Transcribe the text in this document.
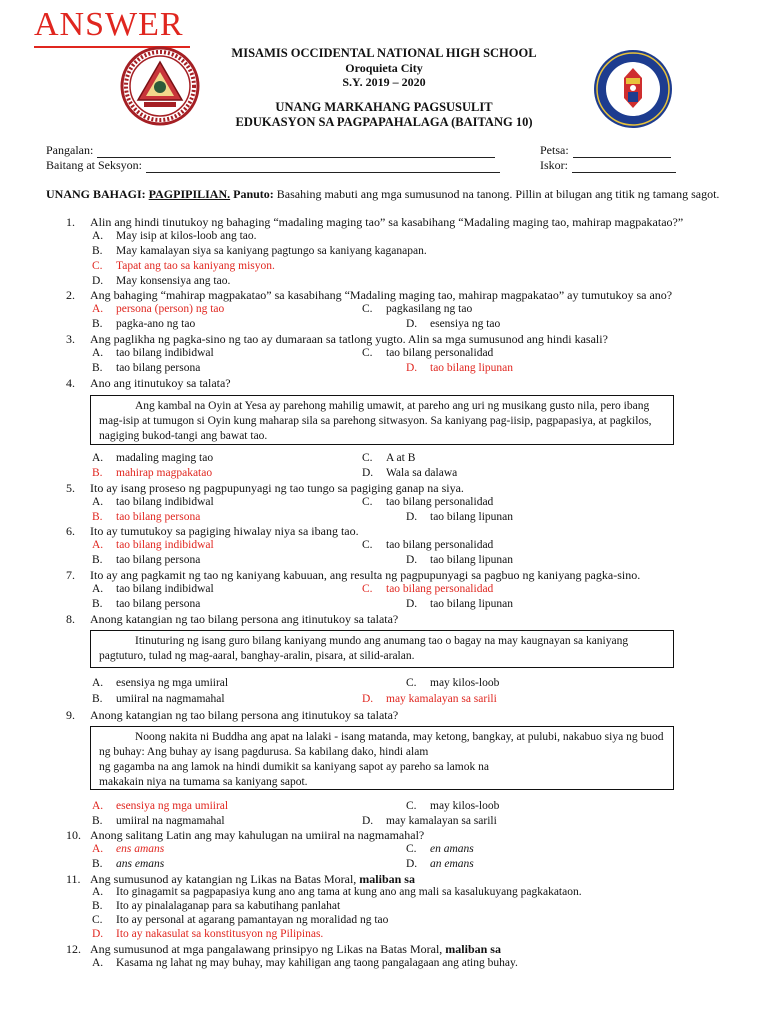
ANSWER
MISAMIS OCCIDENTAL NATIONAL HIGH SCHOOL
Oroquieta City
S.Y. 2019 – 2020
UNANG MARKAHANG PAGSUSULIT
EDUKASYON SA PAGPAPAHALAGA (BAITANG 10)
Pangalan:
Baitang at Seksyon:
Petsa:
Iskor:
UNANG BAHAGI: PAGPIPILIAN. Panuto: Basahing mabuti ang mga sumusunod na tanong. Pillin at bilugan ang titik ng tamang sagot.
1. Alin ang hindi tinutukoy ng bahaging “madaling maging tao” sa kasabihang “Madaling maging tao, mahirap magpakatao?”
A. May isip at kilos-loob ang tao.
B. May kamalayan siya sa kaniyang pagtungo sa kaniyang kaganapan.
C. Tapat ang tao sa kaniyang misyon.
D. May konsensiya ang tao.
2. Ang bahaging “mahirap magpakatao” sa kasabihang “Madaling maging tao, mahirap magpakatao” ay tumutukoy sa ano?
A. persona (person) ng tao
B. pagka-ano ng tao
C. pagkasilang ng tao
D. esensiya ng tao
3. Ang paglikha ng pagka-sino ng tao ay dumaraan sa tatlong yugto. Alin sa mga sumusunod ang hindi kasali?
A. tao bilang indibidwal
B. tao bilang persona
C. tao bilang personalidad
D. tao bilang lipunan
4. Ano ang itinutukoy sa talata?

Ang kambal na Oyin at Yesa ay parehong mahilig umawit, at pareho ang uri ng musikang gusto nila, pero ibang mag-isip at tumugon si Oyin kung maharap sila sa parehong sitwasyon. Sa kaniyang pag-iisip, pagpapasiya, at pagkilos, nagiging bukod-tangi ang bawat tao.

A. madaling maging tao
B. mahirap magpakatao
C. A at B
D. Wala sa dalawa
5. Ito ay isang proseso ng pagpupunyagi ng tao tungo sa pagiging ganap na siya.
A. tao bilang indibidwal
B. tao bilang persona
C. tao bilang personalidad
D. tao bilang lipunan
6. Ito ay tumutukoy sa pagiging hiwalay niya sa ibang tao.
A. tao bilang indibidwal
B. tao bilang persona
C. tao bilang personalidad
D. tao bilang lipunan
7. Ito ay ang pagkamit ng tao ng kaniyang kabuuan, ang resulta ng pagpupunyagi sa pagbuo ng kaniyang pagka-sino.
A. tao bilang indibidwal
B. tao bilang persona
C. tao bilang personalidad
D. tao bilang lipunan
8. Anong katangian ng tao bilang persona ang itinutukoy sa talata?

Itinuturing ng isang guro bilang kaniyang mundo ang anumang tao o bagay na may kaugnayan sa kaniyang pagtuturo, tulad ng mag-aaral, banghay-aralin, pisara, at silid-aralan.

A. esensiya ng mga umiiral
B. umiiral na nagmamahal
C. may kilos-loob
D. may kamalayan sa sarili
9. Anong katangian ng tao bilang persona ang itinutukoy sa talata?

Noong nakita ni Buddha ang apat na lalaki - isang matanda, may ketong, bangkay, at pulubi, nakabuo siya ng buod ng buhay: Ang buhay ay isang pagdurusa. Sa kabilang dako, hindi alam

ng gagamba na ang lamok na hindi dumikit sa kaniyang sapot ay pareho sa lamok na

makakain niya na tumama sa kaniyang sapot.

A. esensiya ng mga umiiral
B. umiiral na nagmamahal
C. may kilos-loob
D. may kamalayan sa sarili
10. Anong salitang Latin ang may kahulugan na umiiral na nagmamahal?
A. ens amans
B. ans emans
C. en amans
D. an emans
11. Ang sumusunod ay katangian ng Likas na Batas Moral, maliban sa
A. Ito ginagamit sa pagpapasiya kung ano ang tama at kung ano ang mali sa kasalukuyang pagkakataon.
B. Ito ay pinalalaganap para sa kabutihang panlahat
C. Ito ay personal at agarang pamantayan ng moralidad ng tao
D. Ito ay nakasulat sa konstitusyon ng Pilipinas.
12. Ang sumusunod at mga pangalawang prinsipyo ng Likas na Batas Moral, maliban sa
A. Kasama ng lahat ng may buhay, may kahiligan ang taong pangalagaan ang ating buhay.
